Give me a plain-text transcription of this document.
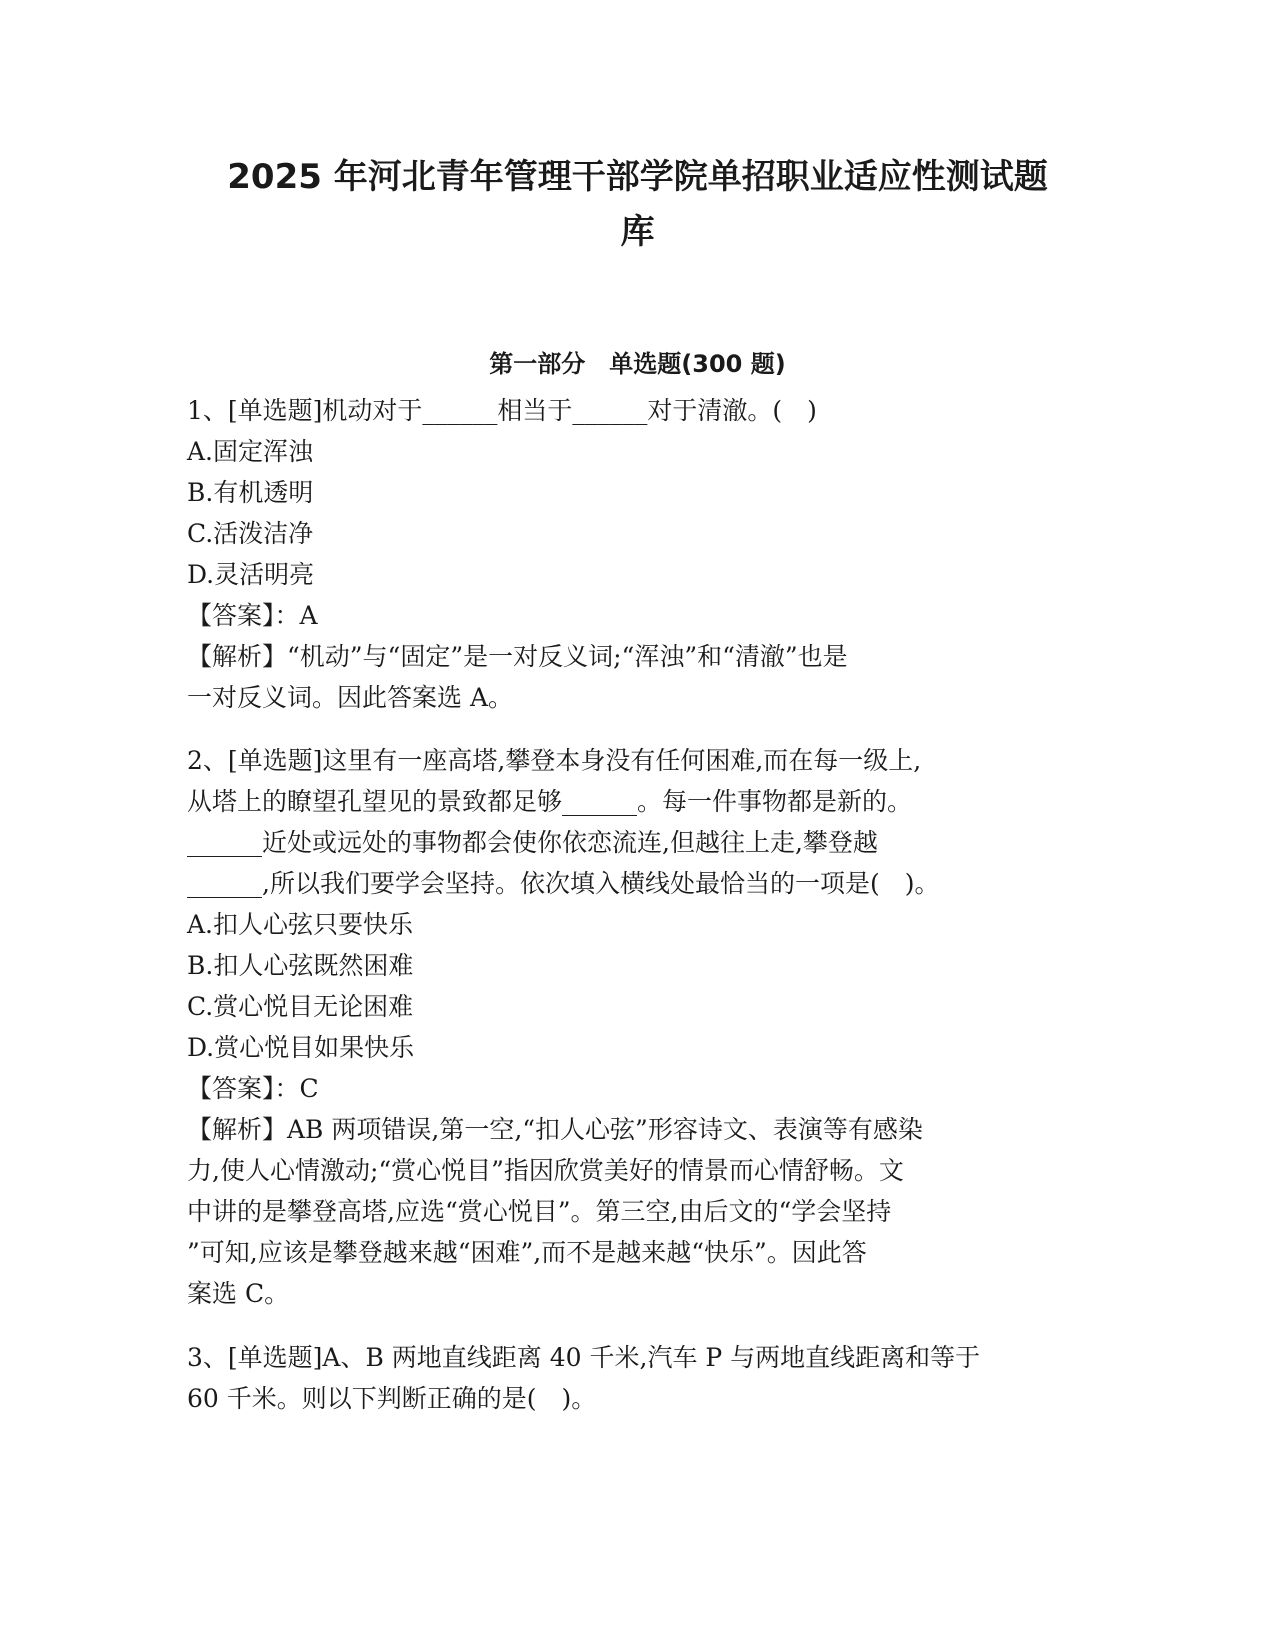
2025 年河北青年管理干部学院单招职业适应性测试题
库
第一部分　单选题(300 题)

1、[单选题]机动对于______相当于______对于清澈。(　)

A.固定浑浊

B.有机透明

C.活泼洁净

D.灵活明亮

【答案】：A

【解析】“机动”与“固定”是一对反义词;“浑浊”和“清澈”也是

一对反义词。因此答案选 A。

2、[单选题]这里有一座高塔,攀登本身没有任何困难,而在每一级上,

从塔上的瞭望孔望见的景致都足够______。每一件事物都是新的。

______近处或远处的事物都会使你依恋流连,但越往上走,攀登越

______,所以我们要学会坚持。依次填入横线处最恰当的一项是(　)。

A.扣人心弦只要快乐

B.扣人心弦既然困难

C.赏心悦目无论困难

D.赏心悦目如果快乐

【答案】：C

【解析】AB 两项错误,第一空,“扣人心弦”形容诗文、表演等有感染

力,使人心情激动;“赏心悦目”指因欣赏美好的情景而心情舒畅。文

中讲的是攀登高塔,应选“赏心悦目”。第三空,由后文的“学会坚持

”可知,应该是攀登越来越“困难”,而不是越来越“快乐”。因此答

案选 C。

3、[单选题]A、B 两地直线距离 40 千米,汽车 P 与两地直线距离和等于

60 千米。则以下判断正确的是(　)。
